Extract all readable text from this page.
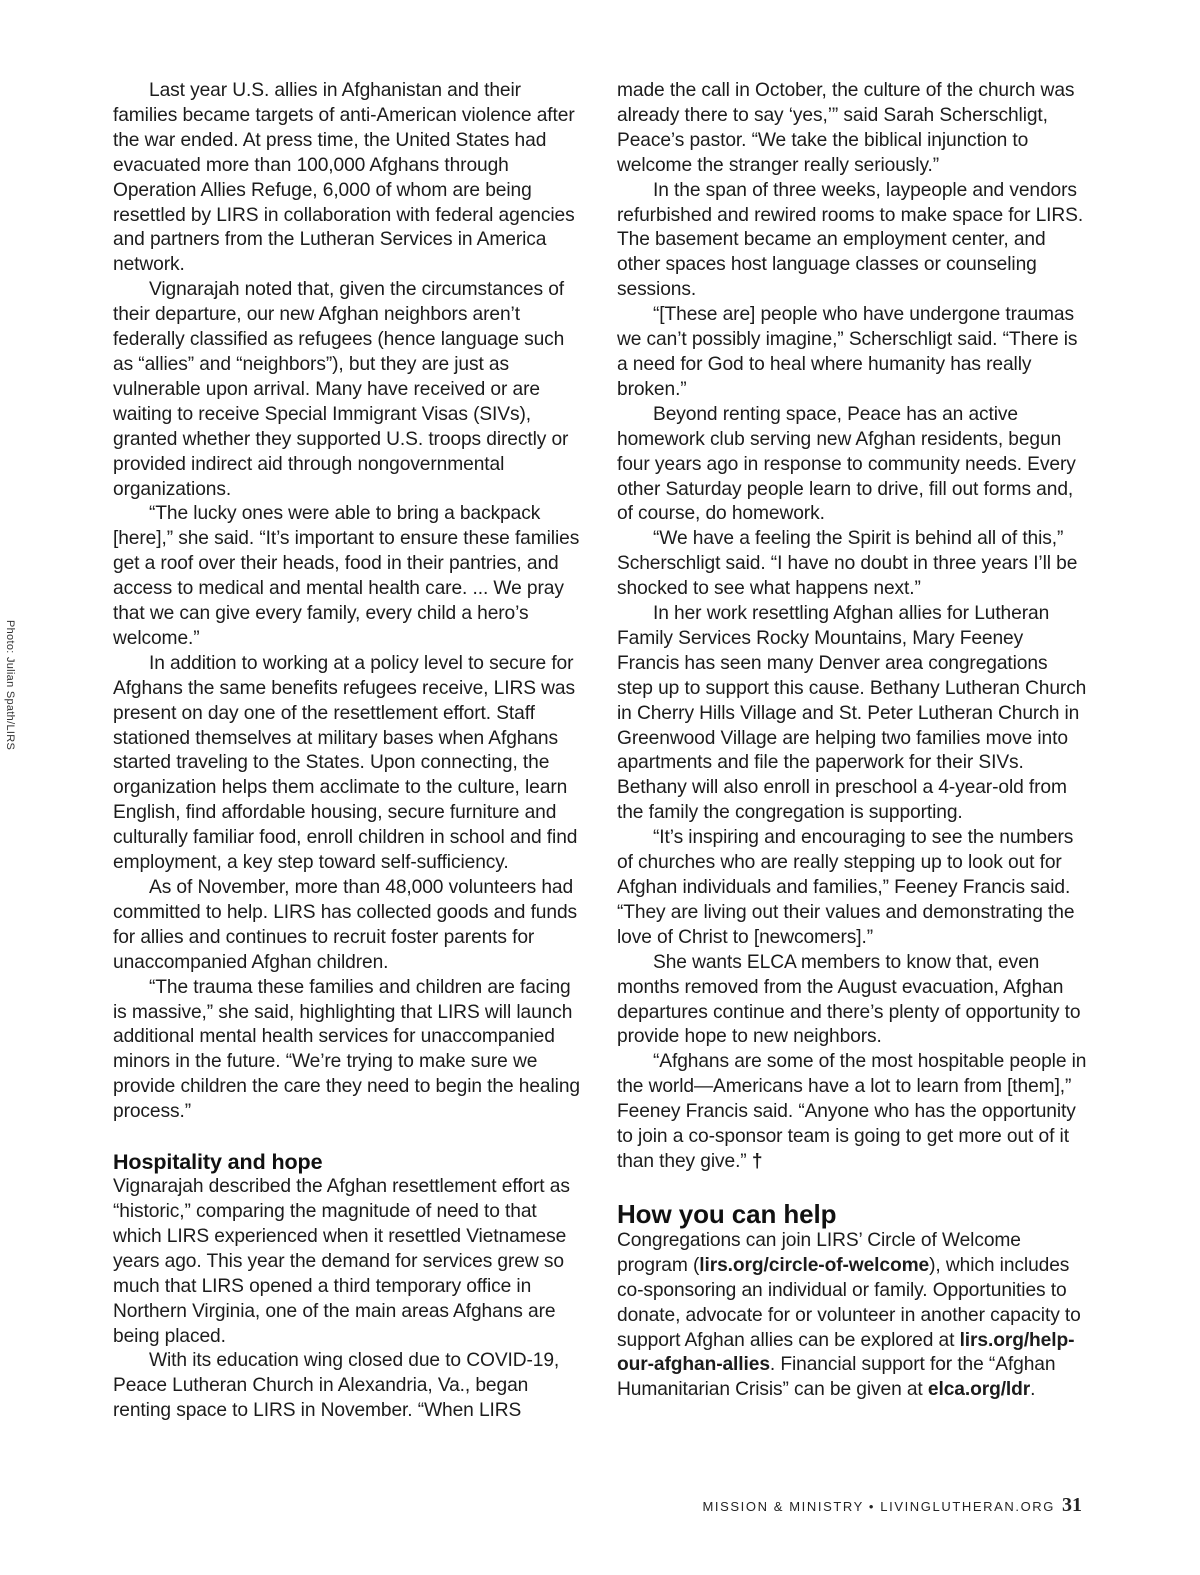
Photo: Julian Spath/LIRS

Last year U.S. allies in Afghanistan and their families became targets of anti-American violence after the war ended. At press time, the United States had evacuated more than 100,000 Afghans through Operation Allies Refuge, 6,000 of whom are being resettled by LIRS in collaboration with federal agencies and partners from the Lutheran Services in America network.

Vignarajah noted that, given the circumstances of their departure, our new Afghan neighbors aren’t federally classified as refugees (hence language such as “allies” and “neighbors”), but they are just as vulnerable upon arrival. Many have received or are waiting to receive Special Immigrant Visas (SIVs), granted whether they supported U.S. troops directly or provided indirect aid through nongovernmental organizations.

“The lucky ones were able to bring a backpack [here],” she said. “It’s important to ensure these families get a roof over their heads, food in their pantries, and access to medical and mental health care. ... We pray that we can give every family, every child a hero’s welcome.”

In addition to working at a policy level to secure for Afghans the same benefits refugees receive, LIRS was present on day one of the resettlement effort. Staff stationed themselves at military bases when Afghans started traveling to the States. Upon connecting, the organization helps them acclimate to the culture, learn English, find affordable housing, secure furniture and culturally familiar food, enroll children in school and find employment, a key step toward self-sufficiency.

As of November, more than 48,000 volunteers had committed to help. LIRS has collected goods and funds for allies and continues to recruit foster parents for unaccompanied Afghan children.

“The trauma these families and children are facing is massive,” she said, highlighting that LIRS will launch additional mental health services for unaccompanied minors in the future. “We’re trying to make sure we provide children the care they need to begin the healing process.”

Hospitality and hope

Vignarajah described the Afghan resettlement effort as “historic,” comparing the magnitude of need to that which LIRS experienced when it resettled Vietnamese years ago. This year the demand for services grew so much that LIRS opened a third temporary office in Northern Virginia, one of the main areas Afghans are being placed.

With its education wing closed due to COVID-19, Peace Lutheran Church in Alexandria, Va., began renting space to LIRS in November. “When LIRS

made the call in October, the culture of the church was already there to say ‘yes,’” said Sarah Scherschligt, Peace’s pastor. “We take the biblical injunction to welcome the stranger really seriously.”

In the span of three weeks, laypeople and vendors refurbished and rewired rooms to make space for LIRS. The basement became an employment center, and other spaces host language classes or counseling sessions.

“[These are] people who have undergone traumas we can’t possibly imagine,” Scherschligt said. “There is a need for God to heal where humanity has really broken.”

Beyond renting space, Peace has an active homework club serving new Afghan residents, begun four years ago in response to community needs. Every other Saturday people learn to drive, fill out forms and, of course, do homework.

“We have a feeling the Spirit is behind all of this,” Scherschligt said. “I have no doubt in three years I’ll be shocked to see what happens next.”

In her work resettling Afghan allies for Lutheran Family Services Rocky Mountains, Mary Feeney Francis has seen many Denver area congregations step up to support this cause. Bethany Lutheran Church in Cherry Hills Village and St. Peter Lutheran Church in Greenwood Village are helping two families move into apartments and file the paperwork for their SIVs. Bethany will also enroll in preschool a 4-year-old from the family the congregation is supporting.

“It’s inspiring and encouraging to see the numbers of churches who are really stepping up to look out for Afghan individuals and families,” Feeney Francis said. “They are living out their values and demonstrating the love of Christ to [newcomers].”

She wants ELCA members to know that, even months removed from the August evacuation, Afghan departures continue and there’s plenty of opportunity to provide hope to new neighbors.

“Afghans are some of the most hospitable people in the world—Americans have a lot to learn from [them],” Feeney Francis said. “Anyone who has the opportunity to join a co-sponsor team is going to get more out of it than they give.” †

How you can help

Congregations can join LIRS’ Circle of Welcome program (lirs.org/circle-of-welcome), which includes co-sponsoring an individual or family. Opportunities to donate, advocate for or volunteer in another capacity to support Afghan allies can be explored at lirs.org/help-our-afghan-allies. Financial support for the “Afghan Humanitarian Crisis” can be given at elca.org/ldr.

MISSION & MINISTRY • LIVINGLUTHERAN.ORG 31
